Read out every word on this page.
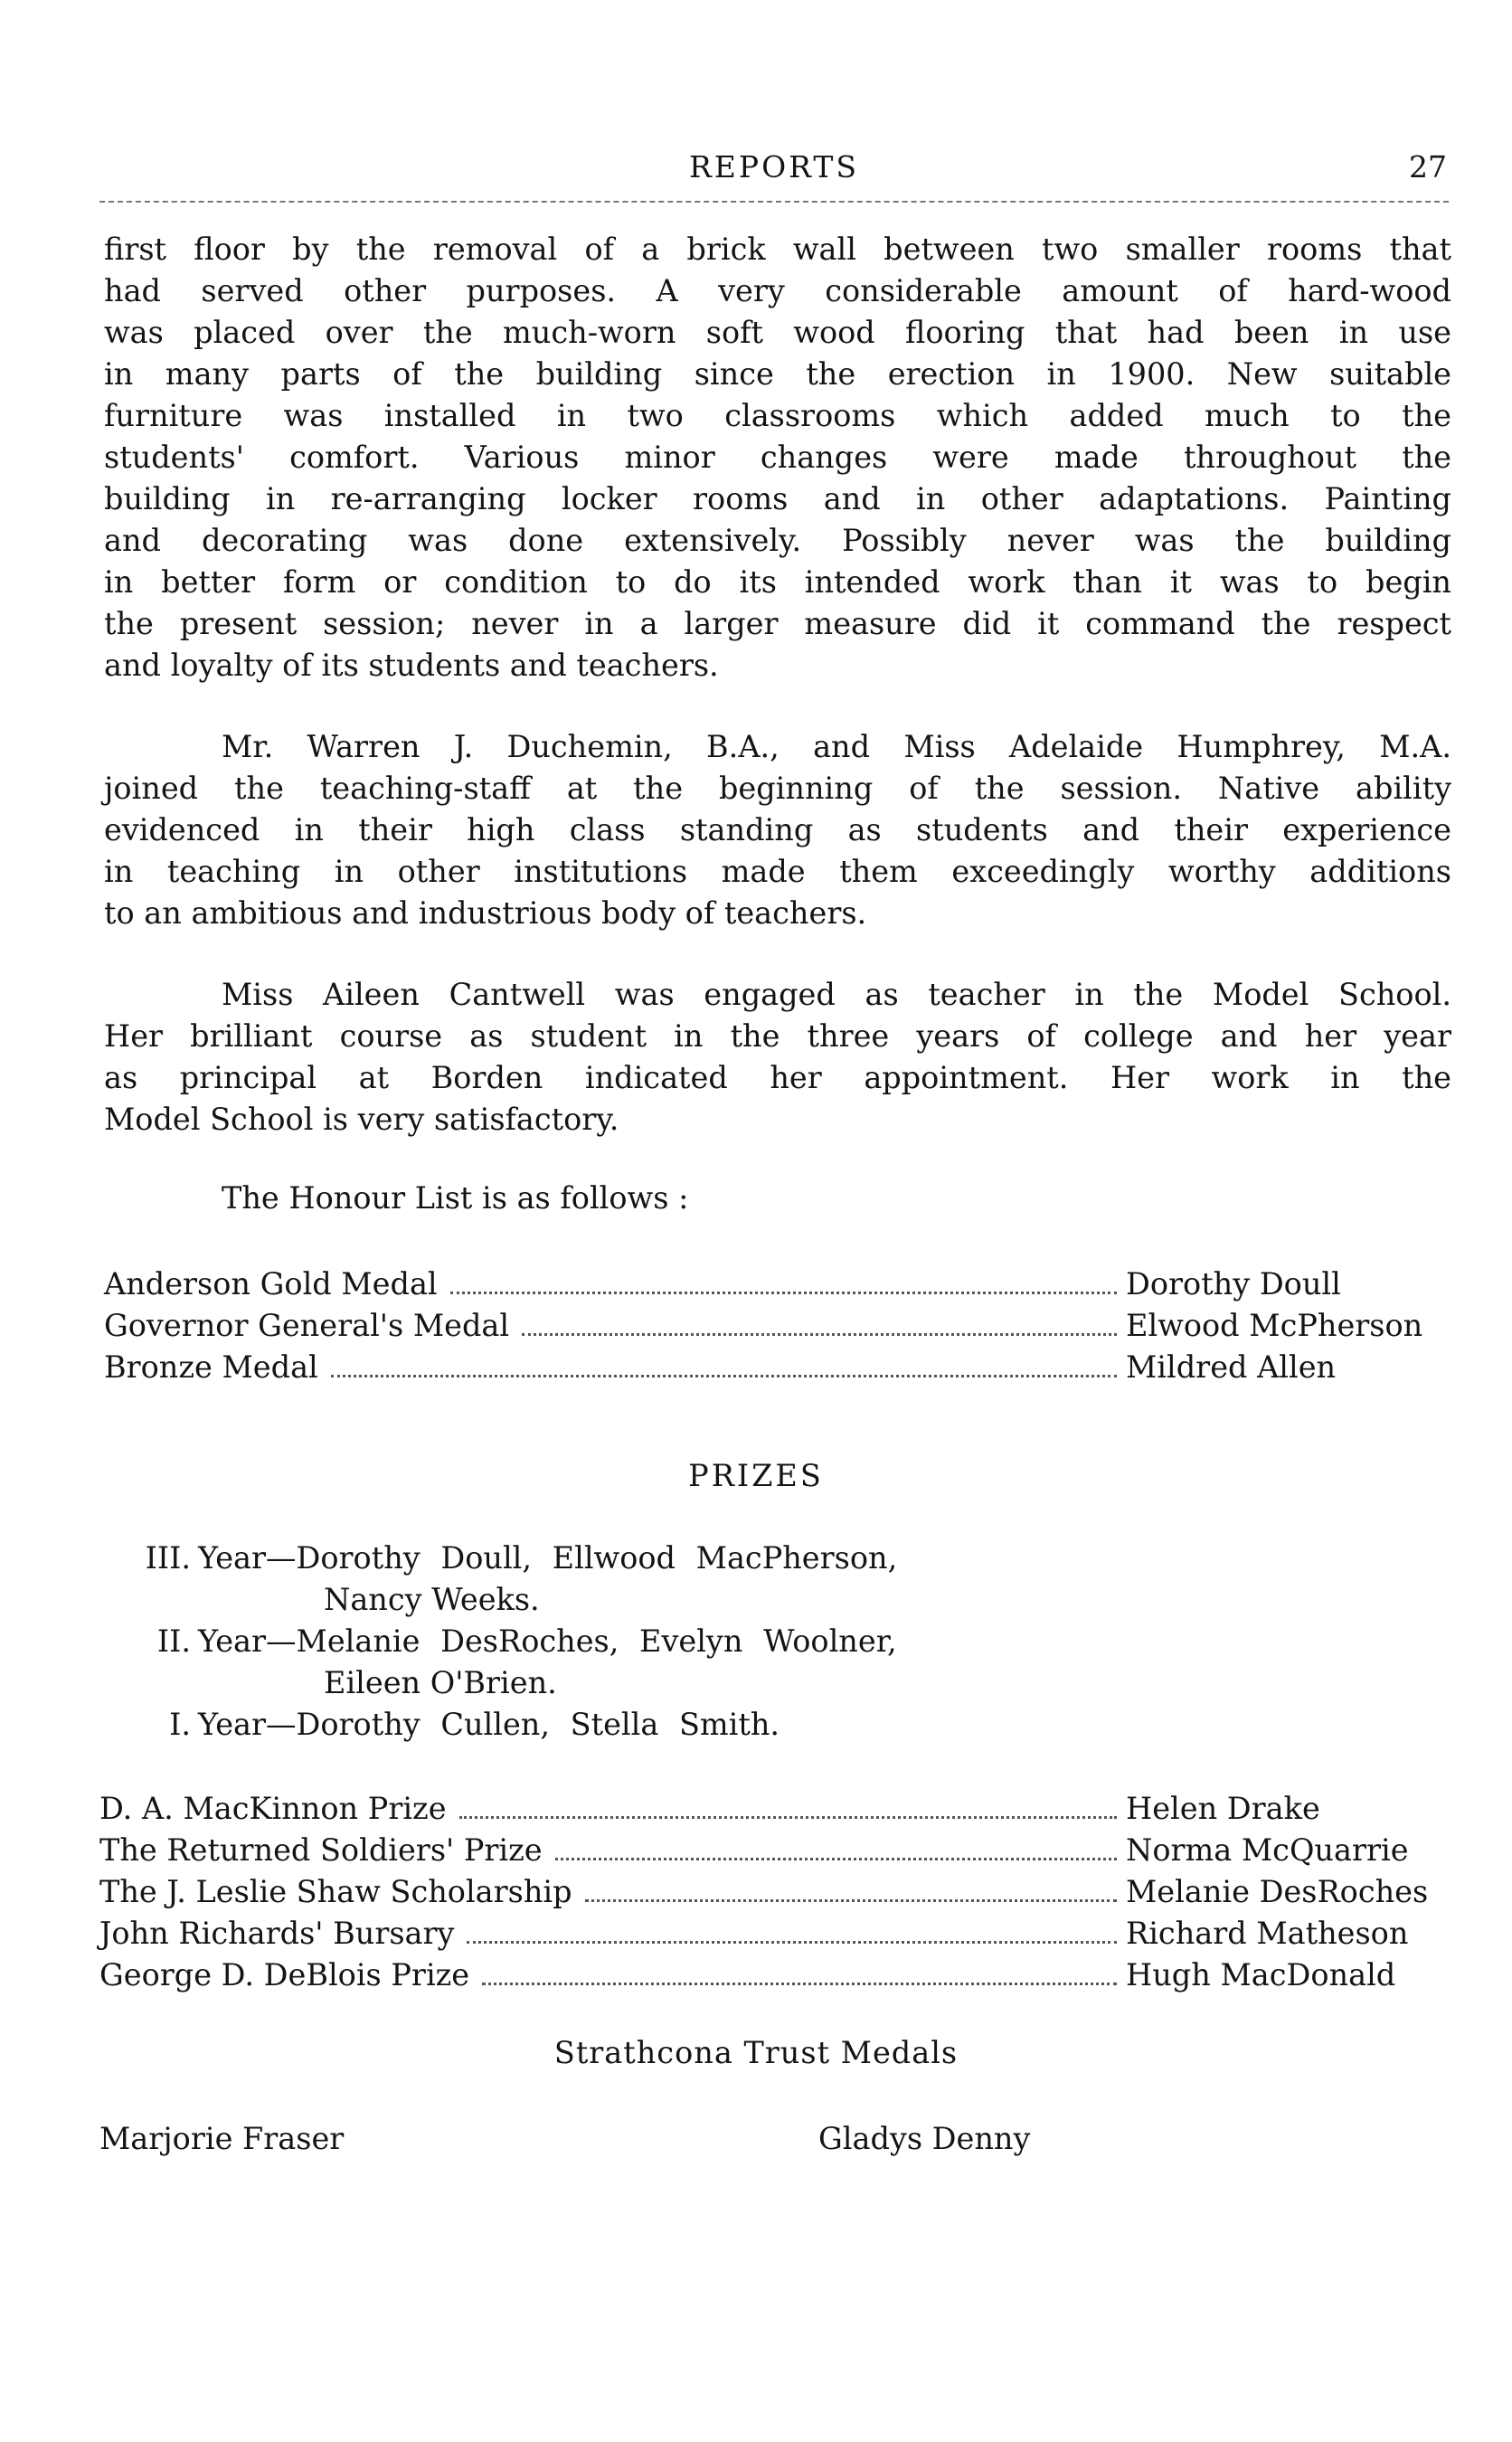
REPORTS	27

first floor by the removal of a brick wall between two smaller rooms that
had served other purposes. A very considerable amount of hard-wood
was placed over the much-worn soft wood flooring that had been in use
in many parts of the building since the erection in 1900. New suitable
furniture was installed in two classrooms which added much to the
students' comfort. Various minor changes were made throughout the
building in re-arranging locker rooms and in other adaptations. Painting
and decorating was done extensively. Possibly never was the building
in better form or condition to do its intended work than it was to begin
the present session; never in a larger measure did it command the respect
and loyalty of its students and teachers.

Mr. Warren J. Duchemin, B.A., and Miss Adelaide Humphrey, M.A.
joined the teaching-staff at the beginning of the session. Native ability
evidenced in their high class standing as students and their experience
in teaching in other institutions made them exceedingly worthy additions
to an ambitious and industrious body of teachers.

Miss Aileen Cantwell was engaged as teacher in the Model School.
Her brilliant course as student in the three years of college and her year
as principal at Borden indicated her appointment. Her work in the
Model School is very satisfactory.

The Honour List is as follows :
Anderson Gold Medal	Dorothy Doull
Governor General's Medal	Elwood McPherson
Bronze Medal	Mildred Allen
PRIZES
III. Year—Dorothy Doull, Ellwood MacPherson,
Nancy Weeks.
II. Year—Melanie DesRoches, Evelyn Woolner,
Eileen O'Brien.
I. Year—Dorothy Cullen, Stella Smith.
D. A. MacKinnon Prize	Helen Drake
The Returned Soldiers' Prize	Norma McQuarrie
The J. Leslie Shaw Scholarship	Melanie DesRoches
John Richards' Bursary	Richard Matheson
George D. DeBlois Prize	Hugh MacDonald
Strathcona Trust Medals
Marjorie Fraser	Gladys Denny
